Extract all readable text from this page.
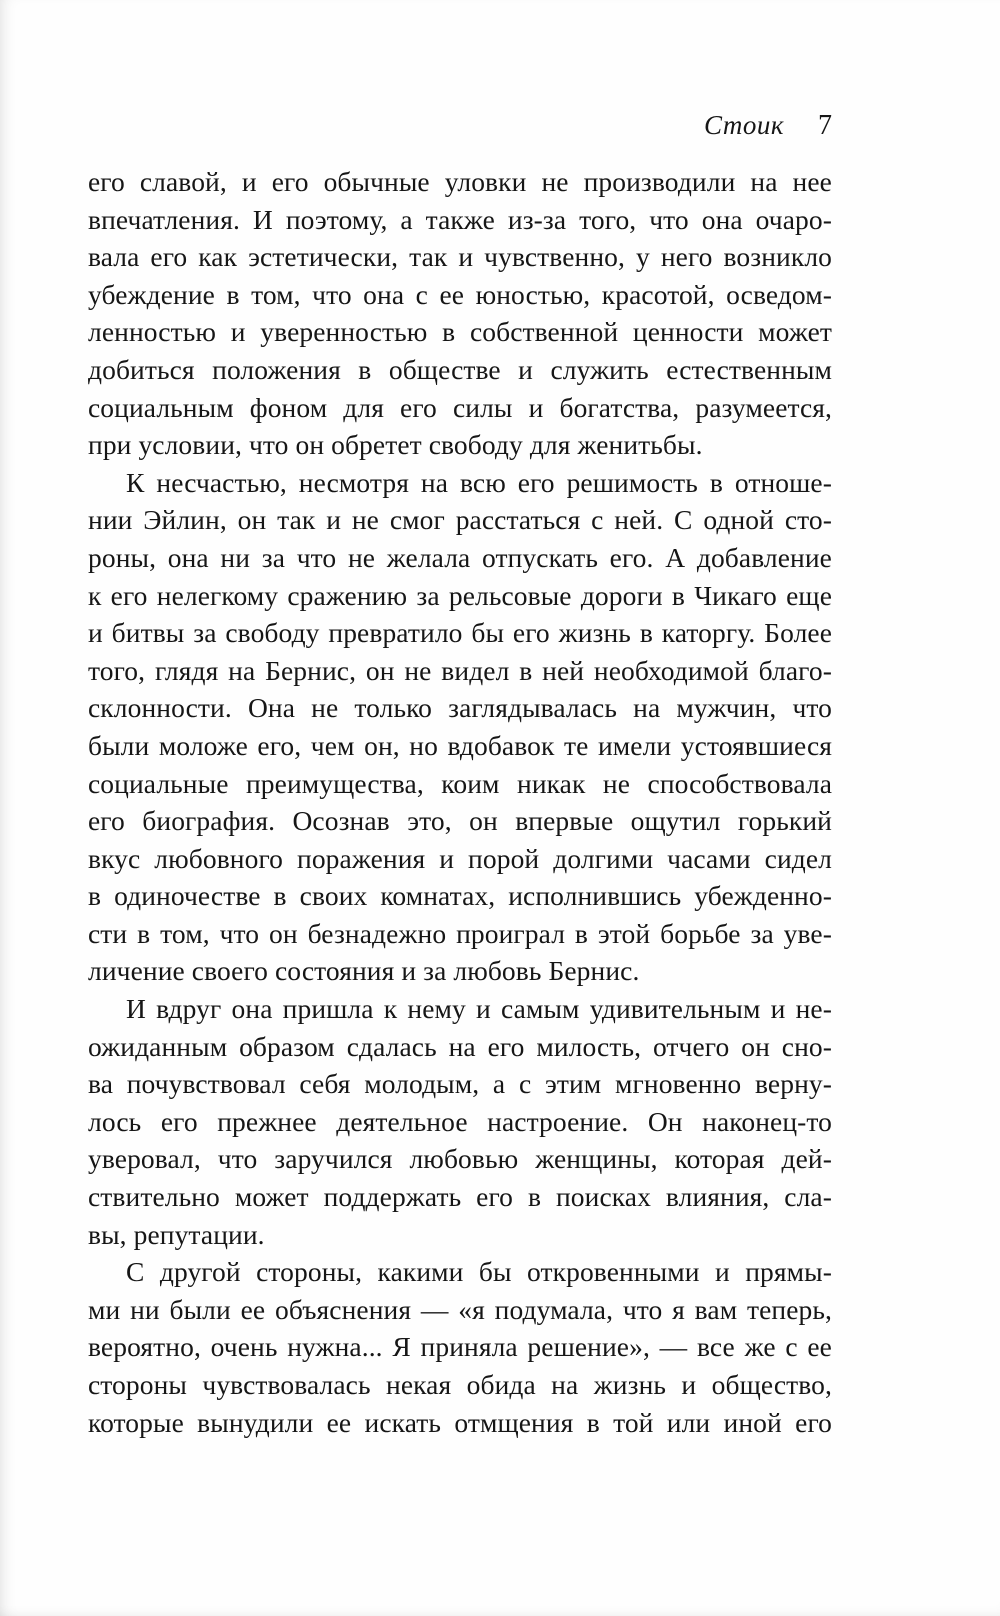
Стоик 7
его славой, и его обычные уловки не производили на нее
впечатления. И поэтому, а также из-за того, что она очаро-
вала его как эстетически, так и чувственно, у него возникло
убеждение в том, что она с ее юностью, красотой, осведом-
ленностью и уверенностью в собственной ценности может
добиться положения в обществе и служить естественным
социальным фоном для его силы и богатства, разумеется,
при условии, что он обретет свободу для женитьбы.
К несчастью, несмотря на всю его решимость в отноше-
нии Эйлин, он так и не смог расстаться с ней. С одной сто-
роны, она ни за что не желала отпускать его. А добавление
к его нелегкому сражению за рельсовые дороги в Чикаго еще
и битвы за свободу превратило бы его жизнь в каторгу. Более
того, глядя на Бернис, он не видел в ней необходимой благо-
склонности. Она не только заглядывалась на мужчин, что
были моложе его, чем он, но вдобавок те имели устоявшиеся
социальные преимущества, коим никак не способствовала
его биография. Осознав это, он впервые ощутил горький
вкус любовного поражения и порой долгими часами сидел
в одиночестве в своих комнатах, исполнившись убежденно-
сти в том, что он безнадежно проиграл в этой борьбе за уве-
личение своего состояния и за любовь Бернис.
И вдруг она пришла к нему и самым удивительным и не-
ожиданным образом сдалась на его милость, отчего он сно-
ва почувствовал себя молодым, а с этим мгновенно верну-
лось его прежнее деятельное настроение. Он наконец-то
уверовал, что заручился любовью женщины, которая дей-
ствительно может поддержать его в поисках влияния, сла-
вы, репутации.
С другой стороны, какими бы откровенными и прямы-
ми ни были ее объяснения — «я подумала, что я вам теперь,
вероятно, очень нужна... Я приняла решение», — все же с ее
стороны чувствовалась некая обида на жизнь и общество,
которые вынудили ее искать отмщения в той или иной его
